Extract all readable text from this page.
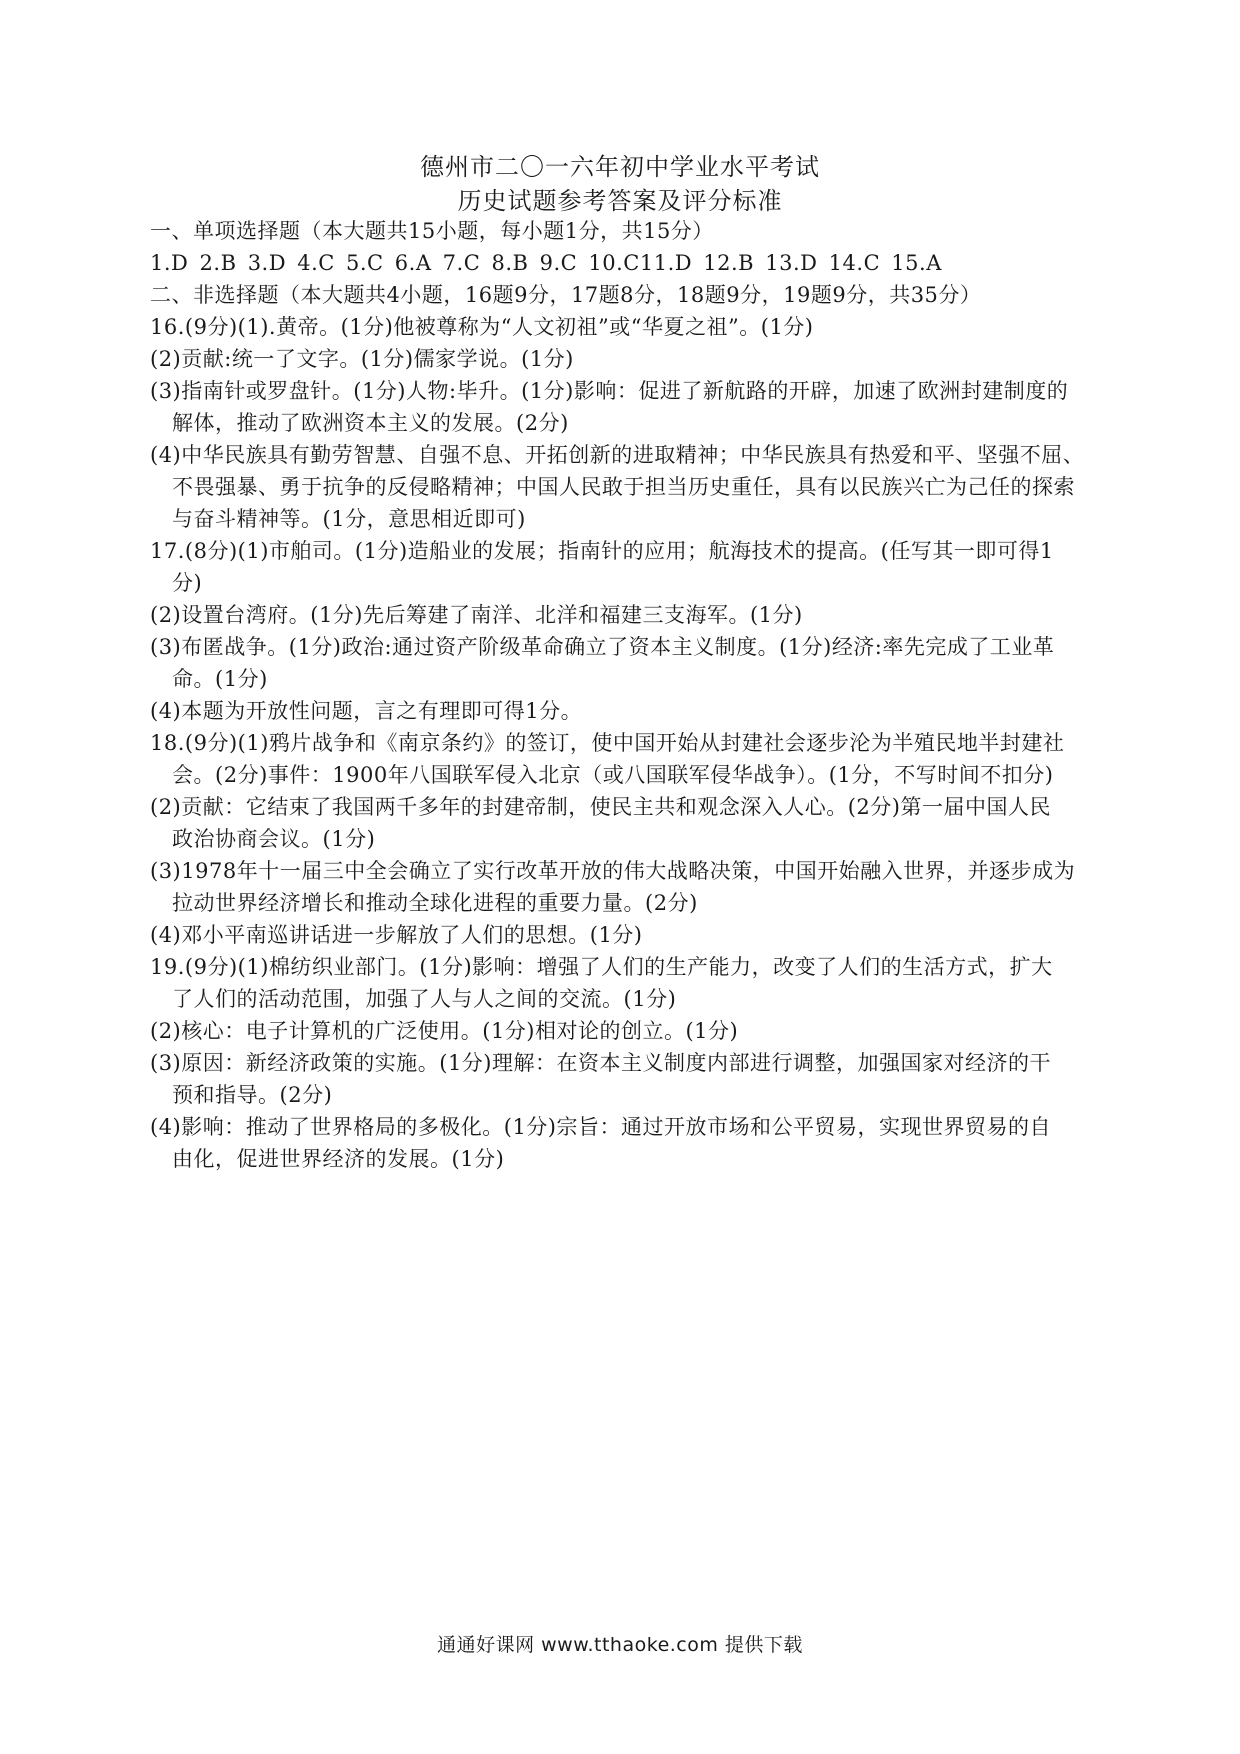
德州市二〇一六年初中学业水平考试
历史试题参考答案及评分标准
一、单项选择题（本大题共15小题，每小题1分，共15分）
1.D 2.B 3.D 4.C 5.C 6.A 7.C 8.B 9.C 10.C11.D 12.B 13.D 14.C 15.A
二、非选择题（本大题共4小题，16题9分，17题8分，18题9分，19题9分，共35分）
16.(9分)(1).黄帝。(1分)他被尊称为“人文初祖”或“华夏之祖”。(1分)
(2)贡献:统一了文字。(1分)儒家学说。(1分)
(3)指南针或罗盘针。(1分)人物:毕升。(1分)影响：促进了新航路的开辟，加速了欧洲封建制度的
解体，推动了欧洲资本主义的发展。(2分)
(4)中华民族具有勤劳智慧、自强不息、开拓创新的进取精神；中华民族具有热爱和平、坚强不屈、
不畏强暴、勇于抗争的反侵略精神；中国人民敢于担当历史重任，具有以民族兴亡为己任的探索
与奋斗精神等。(1分，意思相近即可)
17.(8分)(1)市舶司。(1分)造船业的发展；指南针的应用；航海技术的提高。(任写其一即可得1
分)
(2)设置台湾府。(1分)先后筹建了南洋、北洋和福建三支海军。(1分)
(3)布匿战争。(1分)政治:通过资产阶级革命确立了资本主义制度。(1分)经济:率先完成了工业革
命。(1分)
(4)本题为开放性问题，言之有理即可得1分。
18.(9分)(1)鸦片战争和《南京条约》的签订，使中国开始从封建社会逐步沦为半殖民地半封建社
会。(2分)事件：1900年八国联军侵入北京（或八国联军侵华战争）。(1分，不写时间不扣分)
(2)贡献：它结束了我国两千多年的封建帝制，使民主共和观念深入人心。(2分)第一届中国人民
政治协商会议。(1分)
(3)1978年十一届三中全会确立了实行改革开放的伟大战略决策，中国开始融入世界，并逐步成为
拉动世界经济增长和推动全球化进程的重要力量。(2分)
(4)邓小平南巡讲话进一步解放了人们的思想。(1分)
19.(9分)(1)棉纺织业部门。(1分)影响：增强了人们的生产能力，改变了人们的生活方式，扩大
了人们的活动范围，加强了人与人之间的交流。(1分)
(2)核心：电子计算机的广泛使用。(1分)相对论的创立。(1分)
(3)原因：新经济政策的实施。(1分)理解：在资本主义制度内部进行调整，加强国家对经济的干
预和指导。(2分)
(4)影响：推动了世界格局的多极化。(1分)宗旨：通过开放市场和公平贸易，实现世界贸易的自
由化，促进世界经济的发展。(1分)
通通好课网 www.tthaoke.com 提供下载
